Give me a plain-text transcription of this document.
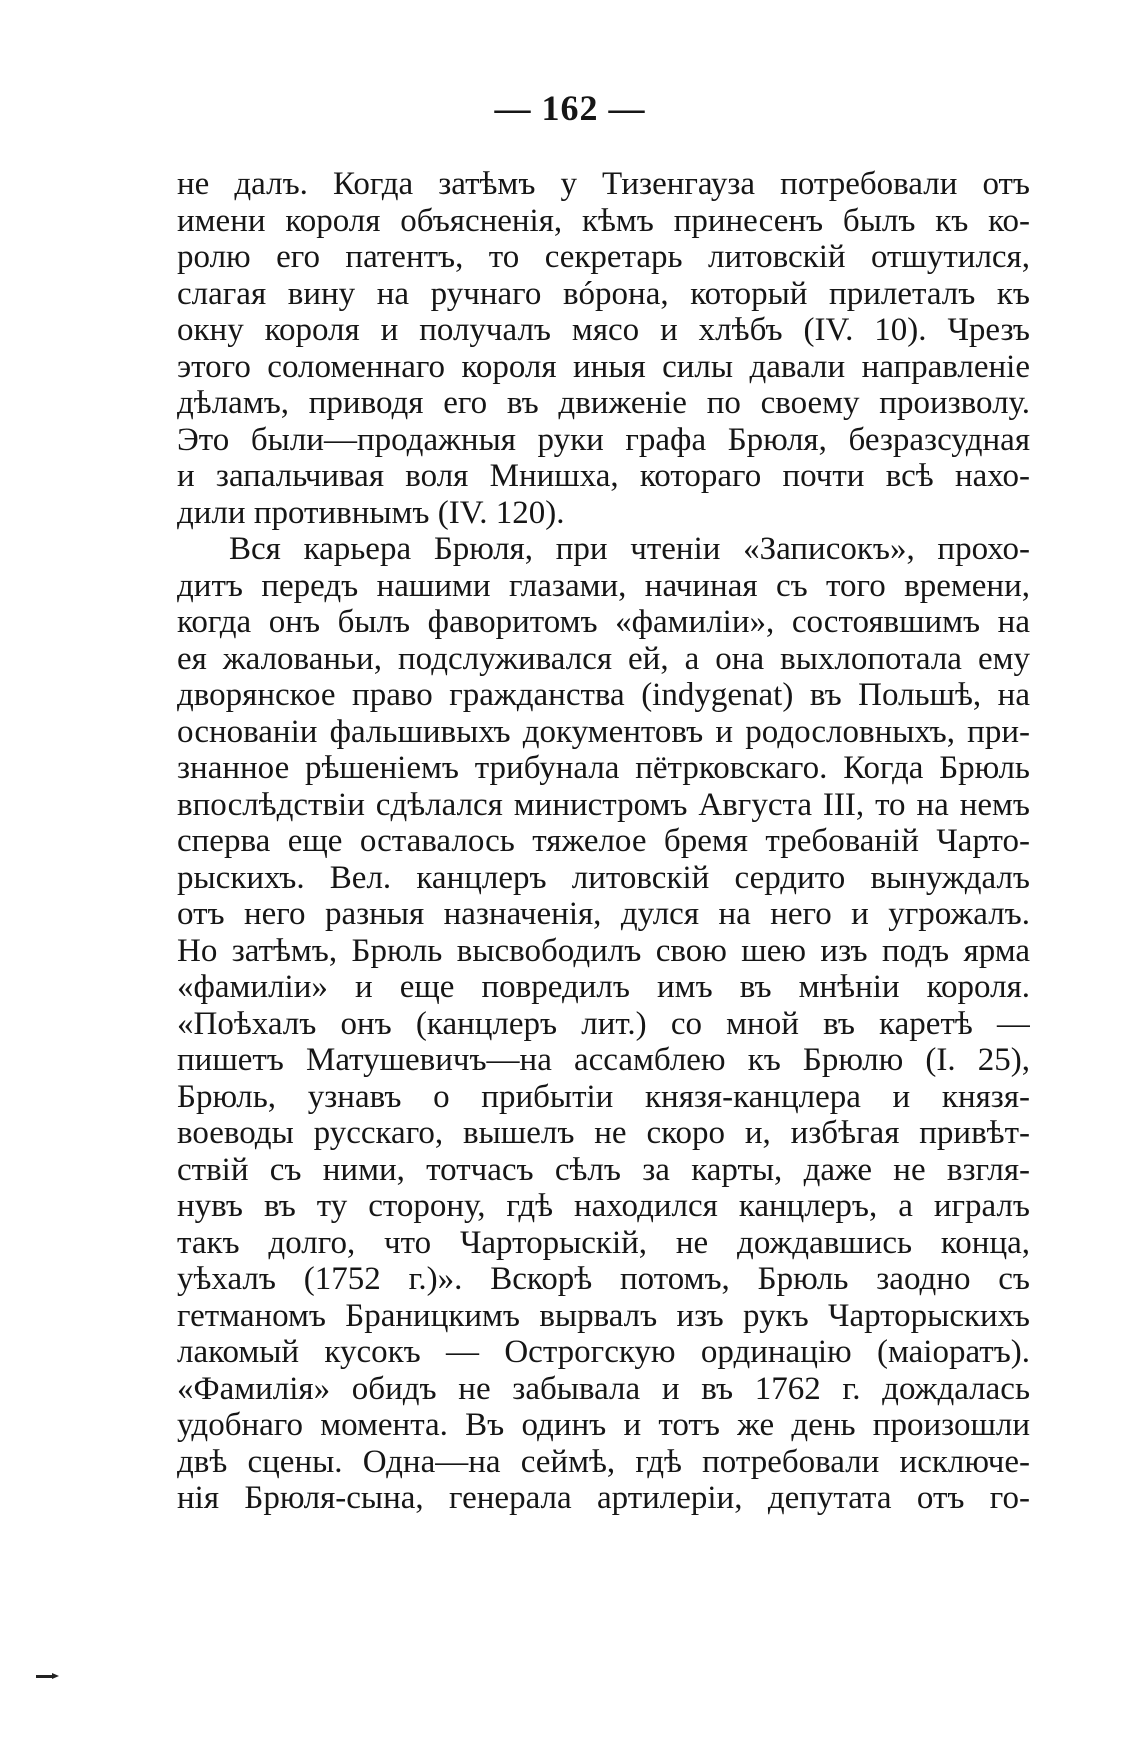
— 162 —
не далъ. Когда затѣмъ у Тизенгауза потребовали отъ
имени короля объясненія, кѣмъ принесенъ былъ къ ко-
ролю его патентъ, то секретарь литовскій отшутился,
слагая вину на ручнаго вóрона, который прилеталъ къ
окну короля и получалъ мясо и хлѣбъ (IV. 10). Чрезъ
этого соломеннаго короля иныя силы давали направленіе
дѣламъ, приводя его въ движеніе по своему произволу.
Это были—продажныя руки графа Брюля, безразсудная
и запальчивая воля Мнишха, котораго почти всѣ нахо-
дили противнымъ (IV. 120).
Вся карьера Брюля, при чтеніи «Записокъ», прохо-
дитъ передъ нашими глазами, начиная съ того времени,
когда онъ былъ фаворитомъ «фамиліи», состоявшимъ на
ея жалованьи, подслуживался ей, а она выхлопотала ему
дворянское право гражданства (indygenat) въ Польшѣ, на
основаніи фальшивыхъ документовъ и родословныхъ, при-
знанное рѣшеніемъ трибунала пётрковскаго. Когда Брюль
впослѣдствіи сдѣлался министромъ Августа III, то на немъ
сперва еще оставалось тяжелое бремя требованій Чарто-
рыскихъ. Вел. канцлеръ литовскій сердито вынуждалъ
отъ него разныя назначенія, дулся на него и угрожалъ.
Но затѣмъ, Брюль высвободилъ свою шею изъ подъ ярма
«фамиліи» и еще повредилъ имъ въ мнѣніи короля.
«Поѣхалъ онъ (канцлеръ лит.) со мной въ каретѣ —
пишетъ Матушевичъ—на ассамблею къ Брюлю (I. 25),
Брюль, узнавъ о прибытіи князя-канцлера и князя-
воеводы русскаго, вышелъ не скоро и, избѣгая привѣт-
ствій съ ними, тотчасъ сѣлъ за карты, даже не взгля-
нувъ въ ту сторону, гдѣ находился канцлеръ, а игралъ
такъ долго, что Чарторыскій, не дождавшись конца,
уѣхалъ (1752 г.)». Вскорѣ потомъ, Брюль заодно съ
гетманомъ Браницкимъ вырвалъ изъ рукъ Чарторыскихъ
лакомый кусокъ — Острогскую ординацію (маіоратъ).
«Фамилія» обидъ не забывала и въ 1762 г. дождалась
удобнаго момента. Въ одинъ и тотъ же день произошли
двѣ сцены. Одна—на сеймѣ, гдѣ потребовали исключе-
нія Брюля-сына, генерала артилеріи, депутата отъ го-
